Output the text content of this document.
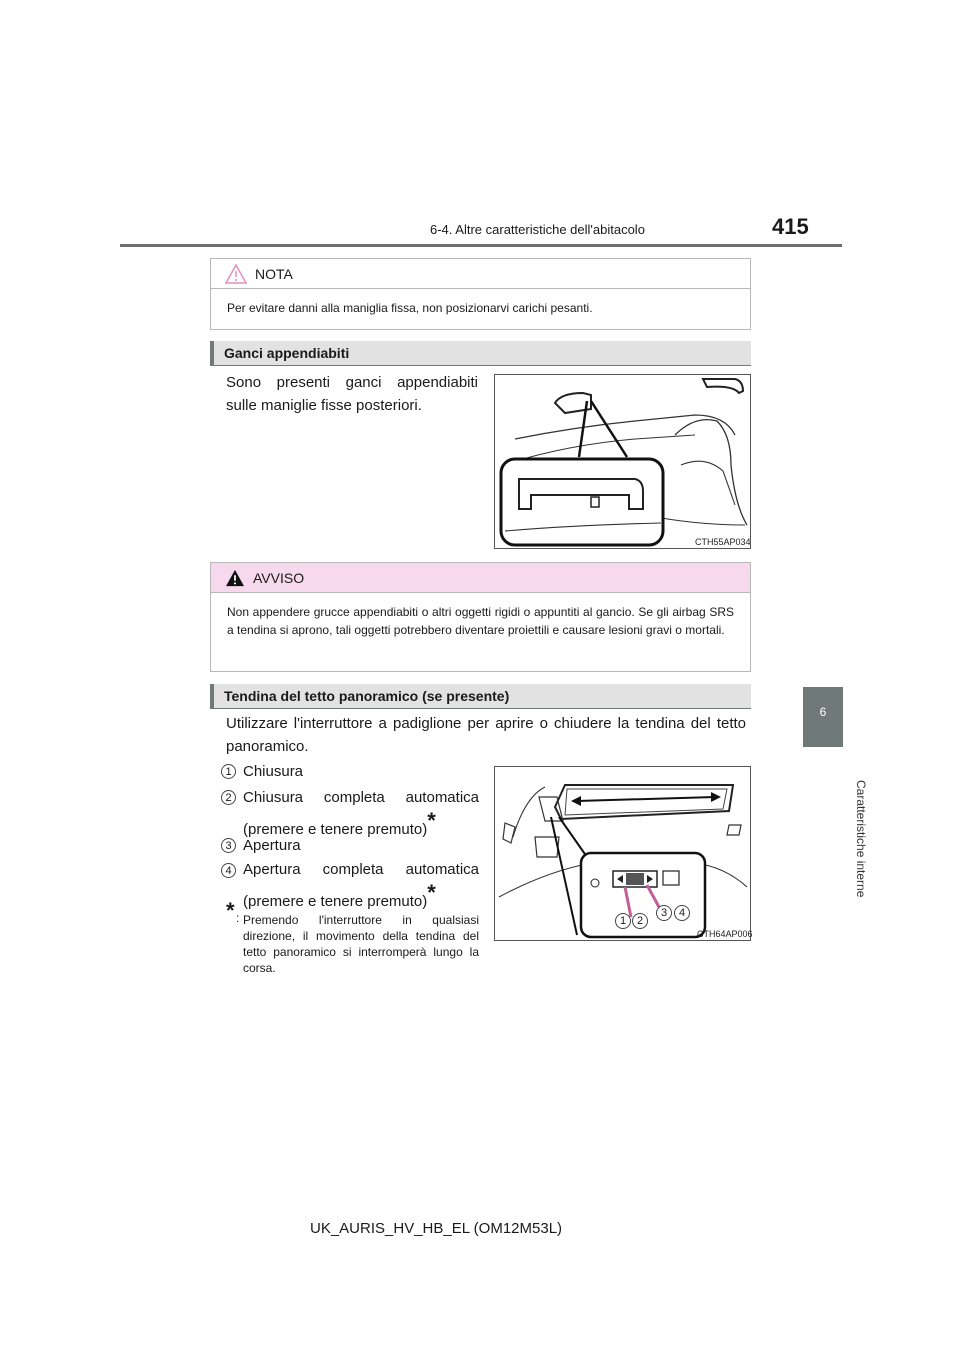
6-4. Altre caratteristiche dell'abitacolo	415
6
Caratteristiche interne
NOTA
Per evitare danni alla maniglia fissa, non posizionarvi carichi pesanti.
Ganci appendiabiti
Sono presenti ganci appendiabiti sulle maniglie fisse posteriori.
CTH55AP034
AVVISO
Non appendere grucce appendiabiti o altri oggetti rigidi o appuntiti al gancio. Se gli airbag SRS a tendina si aprono, tali oggetti potrebbero diventare proiettili e causare lesioni gravi o mortali.
Tendina del tetto panoramico (se presente)
Utilizzare l'interruttore a padiglione per aprire o chiudere la tendina del tetto panoramico.
1 Chiusura
2 Chiusura completa automatica (premere e tenere premuto)*
3 Apertura
4 Apertura completa automatica (premere e tenere premuto)*
* : Premendo l'interruttore in qualsiasi direzione, il movimento della tendina del tetto panoramico si interromperà lungo la corsa.
1 2
3	4
CTH64AP006
UK_AURIS_HV_HB_EL (OM12M53L)
